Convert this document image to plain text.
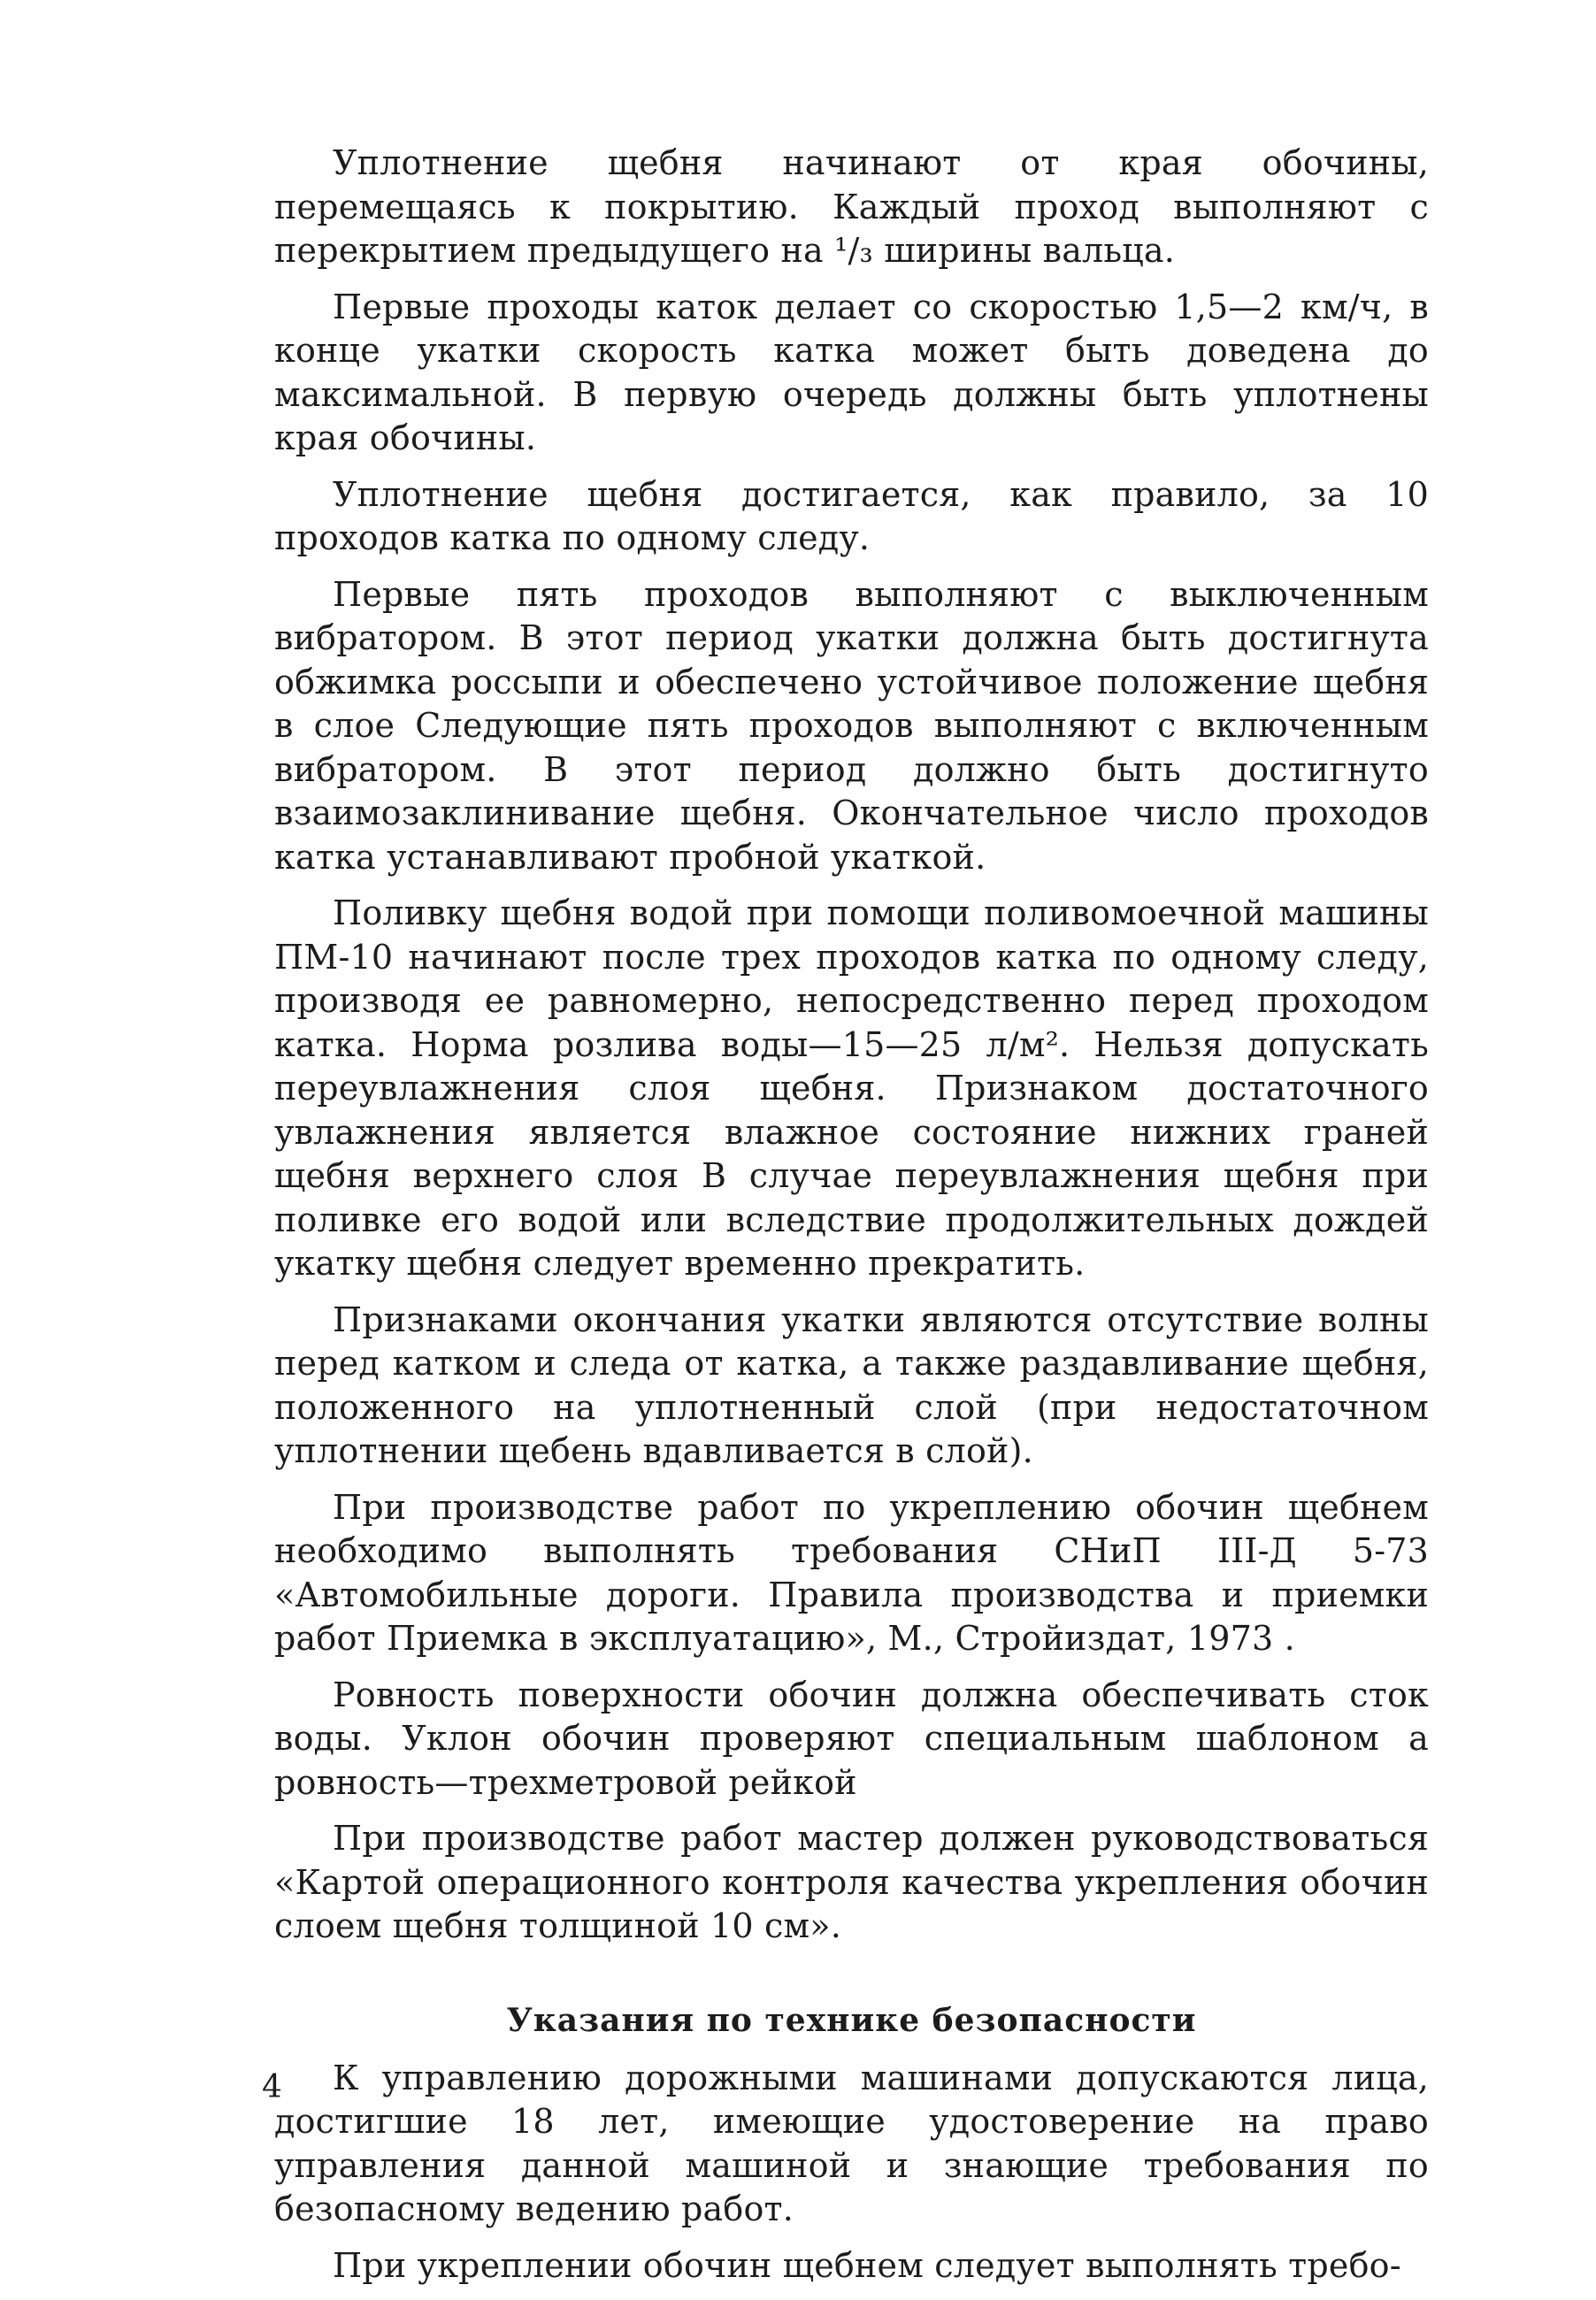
Уплотнение щебня начинают от края обочины, перемещаясь к покрытию. Каждый проход выполняют с перекрытием предыдущего на ¹/₃ ширины вальца.

Первые проходы каток делает со скоростью 1,5—2 км/ч, в конце укатки скорость катка может быть доведена до максимальной. В первую очередь должны быть уплотнены края обочины.

Уплотнение щебня достигается, как правило, за 10 проходов катка по одному следу.

Первые пять проходов выполняют с выключенным вибратором. В этот период укатки должна быть достигнута обжимка россыпи и обеспечено устойчивое положение щебня в слое Следующие пять проходов выполняют с включенным вибратором. В этот период должно быть достигнуто взаимозаклинивание щебня. Окончательное число проходов катка устанавливают пробной укаткой.

Поливку щебня водой при помощи поливомоечной машины ПМ-10 начинают после трех проходов катка по одному следу, производя ее равномерно, непосредственно перед проходом катка. Норма розлива воды—15—25 л/м². Нельзя допускать переувлажнения слоя щебня. Признаком достаточного увлажнения является влажное состояние нижних граней щебня верхнего слоя В случае переувлажнения щебня при поливке его водой или вследствие продолжительных дождей укатку щебня следует временно прекратить.

Признаками окончания укатки являются отсутствие волны перед катком и следа от катка, а также раздавливание щебня, положенного на уплотненный слой (при недостаточном уплотнении щебень вдавливается в слой).

При производстве работ по укреплению обочин щебнем необходимо выполнять требования СНиП III-Д 5-73 «Автомобильные дороги. Правила производства и приемки работ Приемка в эксплуатацию», М., Стройиздат, 1973 .

Ровность поверхности обочин должна обеспечивать сток воды. Уклон обочин проверяют специальным шаблоном а ровность—трехметровой рейкой

При производстве работ мастер должен руководствоваться «Картой операционного контроля качества укрепления обочин слоем щебня толщиной 10 см».

Указания по технике безопасности

К управлению дорожными машинами допускаются лица, достигшие 18 лет, имеющие удостоверение на право управления данной машиной и знающие требования по безопасному ведению работ.

При укреплении обочин щебнем следует выполнять требо-

4
